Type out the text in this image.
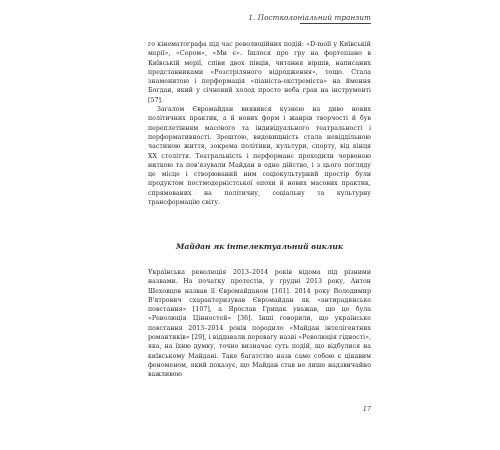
1. Постколоніальний транзит

го кінематографа під час революційних подій: «D-moll у Київській мерії», «Сором», «Ми є». Ішлося про гру на фортепіано в Київській мерії, співи двох півців, читання віршів, написаних представниками «Розстріляного відродження», тощо. Стала знаменитою і перформація «піаніста-екстреміста» на ймення Богдан, який у січневий холод просто неба грав на інструменті [57].

Загалом Євромайдан виявився кузнею на диво нових політичних практик, а й нових форм і жанрів творчості й був переплетінням масового та індивідуального театральності і перформативності. Зрештою, видовищність стала невіддільною частиною життя, зокрема політики, культури, спорту, від кінця XX століття. Театральність і перформанс проходили червоною ниткою та пов'язували Майдан в одне дійство, і з цього погляду це місце і створюваний ним соціокультурний простір були продуктом постмодерністської епохи й нових масових практик, спрямованих на політичну, соціальну та культурну трансформацію світу.

Майдан як інтелектуальний виклик

Українська революція 2013–2014 років відома під різними назвами. На початку протестів, у грудні 2013 року, Антон Шеховцов назвав її Євромайданом [161]. 2014 року Володимир В'ятрович схарактеризував Євромайдан як «антирадянське повстання» [107], а Ярослав Грицак уважав, що це була «Революція Цінностей» [36]. Інші говорили, що українське повстання 2013–2014 років породило «Майдан інтелігентних романтиків» [29], і віддавали перевагу назві «Революція гідності», яка, на їхню думку, точно визначає суть подій, що відбулися на київському Майдані. Таке багатство назв саме собою є цікавим феноменом, який показує, що Майдан став не лише надзвичайно важливою

17
